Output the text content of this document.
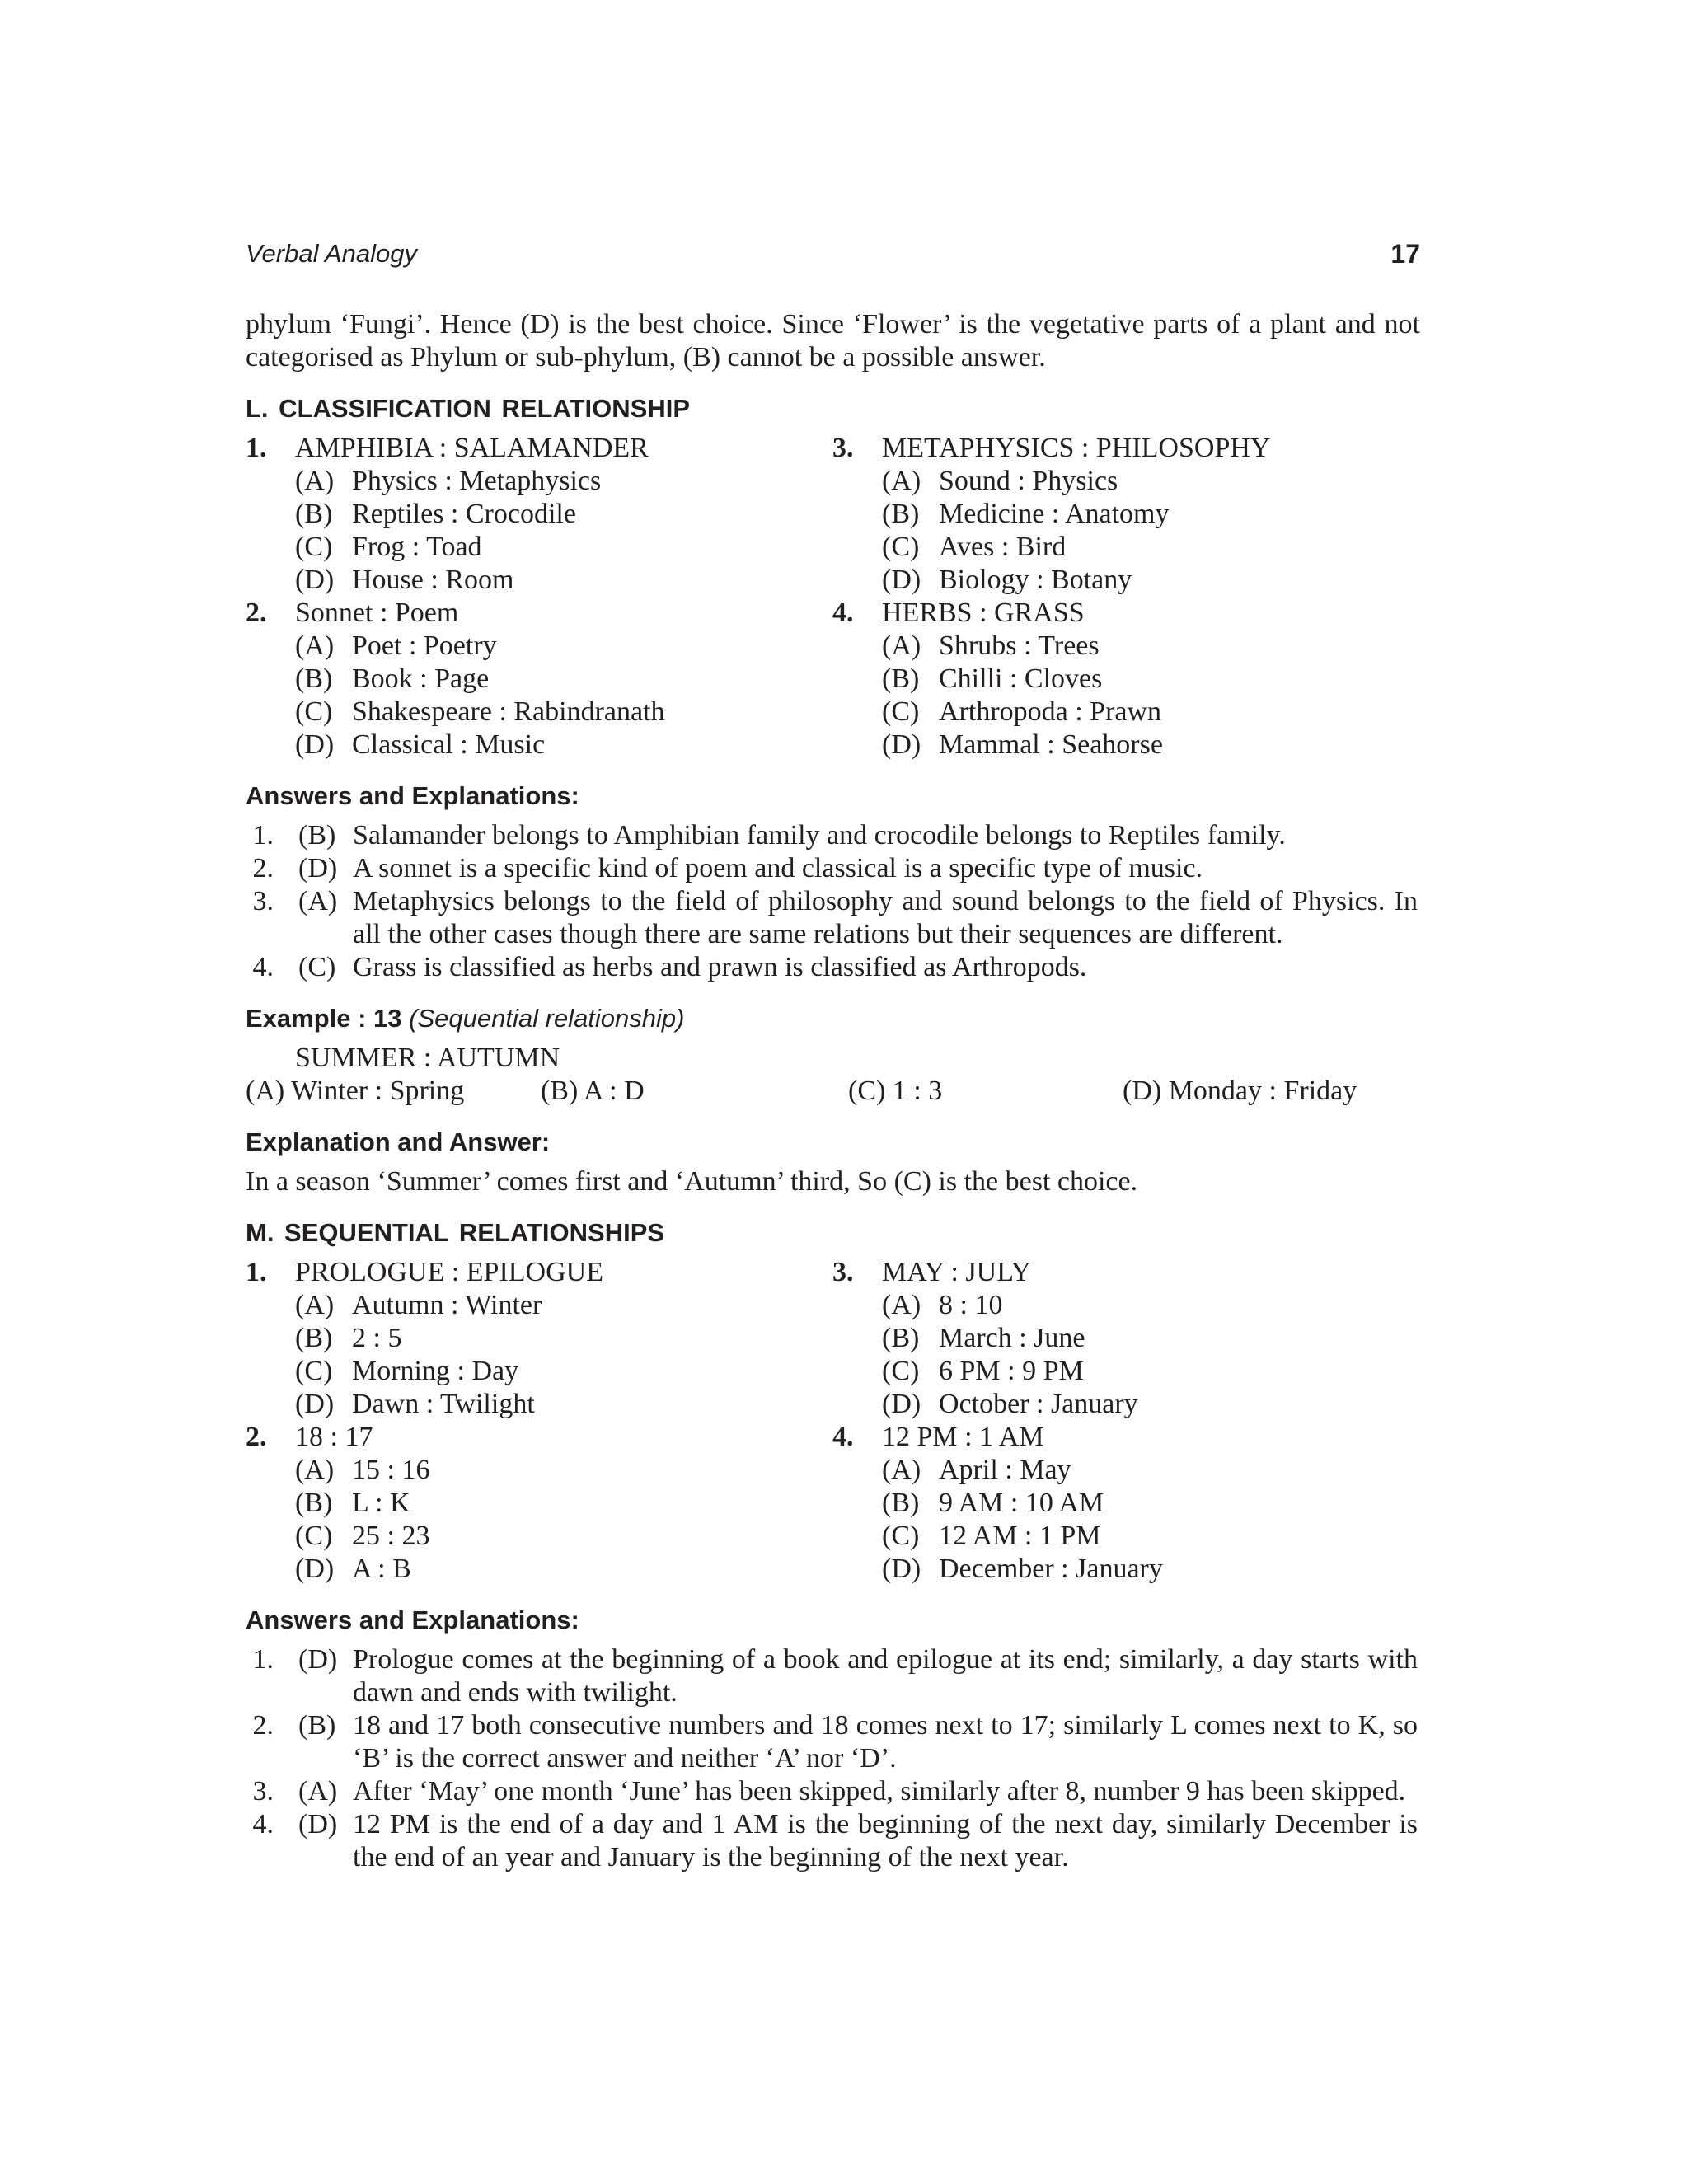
Verbal Analogy	17

phylum ‘Fungi’. Hence (D) is the best choice. Since ‘Flower’ is the vegetative parts of a plant and not categorised as Phylum or sub-phylum, (B) cannot be a possible answer.

L. CLASSIFICATION RELATIONSHIP
1.	AMPHIBIA : SALAMANDER
(A) Physics : Metaphysics
(B) Reptiles : Crocodile
(C) Frog : Toad
(D) House : Room
2.	Sonnet : Poem
(A) Poet : Poetry
(B) Book : Page
(C) Shakespeare : Rabindranath
(D) Classical : Music
3.	METAPHYSICS : PHILOSOPHY
(A) Sound : Physics
(B) Medicine : Anatomy
(C) Aves : Bird
(D) Biology : Botany
4.	HERBS : GRASS
(A) Shrubs : Trees
(B) Chilli : Cloves
(C) Arthropoda : Prawn
(D) Mammal : Seahorse
Answers and Explanations:
1. (B) Salamander belongs to Amphibian family and crocodile belongs to Reptiles family.
2. (D) A sonnet is a specific kind of poem and classical is a specific type of music.
3. (A) Metaphysics belongs to the field of philosophy and sound belongs to the field of Physics. In all the other cases though there are same relations but their sequences are different.
4. (C) Grass is classified as herbs and prawn is classified as Arthropods.
Example : 13 (Sequential relationship)
SUMMER : AUTUMN
(A) Winter : Spring	(B) A : D	(C) 1 : 3	(D) Monday : Friday
Explanation and Answer:

In a season ‘Summer’ comes first and ‘Autumn’ third, So (C) is the best choice.

M. SEQUENTIAL RELATIONSHIPS
1.	PROLOGUE : EPILOGUE
(A) Autumn : Winter
(B) 2 : 5
(C) Morning : Day
(D) Dawn : Twilight
2.	18 : 17
(A) 15 : 16
(B) L : K
(C) 25 : 23
(D) A : B
3.	MAY : JULY
(A) 8 : 10
(B) March : June
(C) 6 PM : 9 PM
(D) October : January
4.	12 PM : 1 AM
(A) April : May
(B) 9 AM : 10 AM
(C) 12 AM : 1 PM
(D) December : January
Answers and Explanations:
1. (D) Prologue comes at the beginning of a book and epilogue at its end; similarly, a day starts with dawn and ends with twilight.
2. (B) 18 and 17 both consecutive numbers and 18 comes next to 17; similarly L comes next to K, so ‘B’ is the correct answer and neither ‘A’ nor ‘D’.
3. (A) After ‘May’ one month ‘June’ has been skipped, similarly after 8, number 9 has been skipped.
4. (D) 12 PM is the end of a day and 1 AM is the beginning of the next day, similarly December is the end of an year and January is the beginning of the next year.
